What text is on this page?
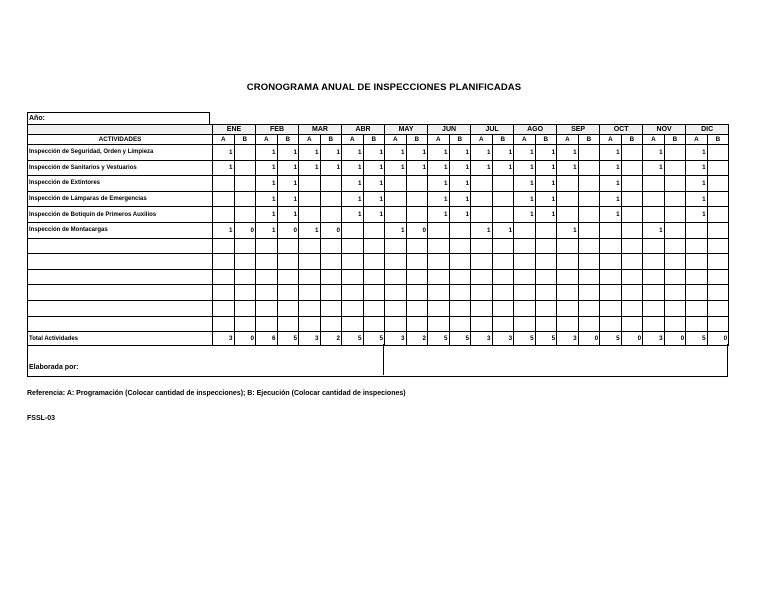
CRONOGRAMA ANUAL DE INSPECCIONES PLANIFICADAS
Año:
	ENE		FEB		MAR		ABR		MAY		JUN		JUL		AGO		SEP		OCT		NOV		DIC	
ACTIVIDADES	A	B	A	B	A	B	A	B	A	B	A	B	A	B	A	B	A	B	A	B	A	B	A	B
Inspección de Seguridad, Orden y Limpieza	1		1	1	1	1	1	1	1	1	1	1	1	1	1	1	1		1		1		1	
Inspección de Sanitarios y Vestuarios	1		1	1	1	1	1	1	1	1	1	1	1	1	1	1	1		1		1		1	
Inspección de Extintores			1	1			1	1			1	1			1	1			1				1	
Inspección de Lámparas de Emergencias			1	1			1	1			1	1			1	1			1				1	
Inspección de Botiquín de Primeros Auxilios			1	1			1	1			1	1			1	1			1				1	
Inspección de Montacargas	1	0	1	0	1	0			1	0			1	1			1				1			

Total Actividades	3	0	6	5	3	2	5	5	3	2	5	5	3	3	5	5	3	0	5	0	3	0	5	0
Elaborada por:
Referencia: A: Programación (Colocar cantidad de inspecciones); B: Ejecución (Colocar cantidad de inspeciones)
FSSL-03
